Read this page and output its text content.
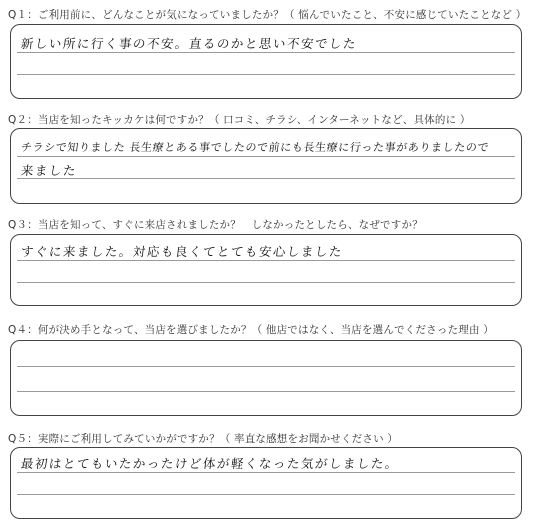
Q１：ご利用前に、どんなことが気になっていましたか？（ 悩んでいたこと、不安に感じていたことなど ）
新しい所に行く事の不安。直るのかと思い不安でした
Q２：当店を知ったキッカケは何ですか？（ 口コミ、チラシ、インターネットなど、具体的に ）
チラシで知りました 長生療とある事でしたので前にも長生療に行った事がありましたので
来ました
Q３：当店を知って、すぐに来店されましたか？　しなかったとしたら、なぜですか？
すぐに来ました。対応も良くてとても安心しました
Q４：何が決め手となって、当店を選びましたか？（ 他店ではなく、当店を選んでくださった理由 ）
Q５：実際にご利用してみていかがですか？（ 率直な感想をお聞かせください ）
最初はとてもいたかったけど体が軽くなった気がしました。
